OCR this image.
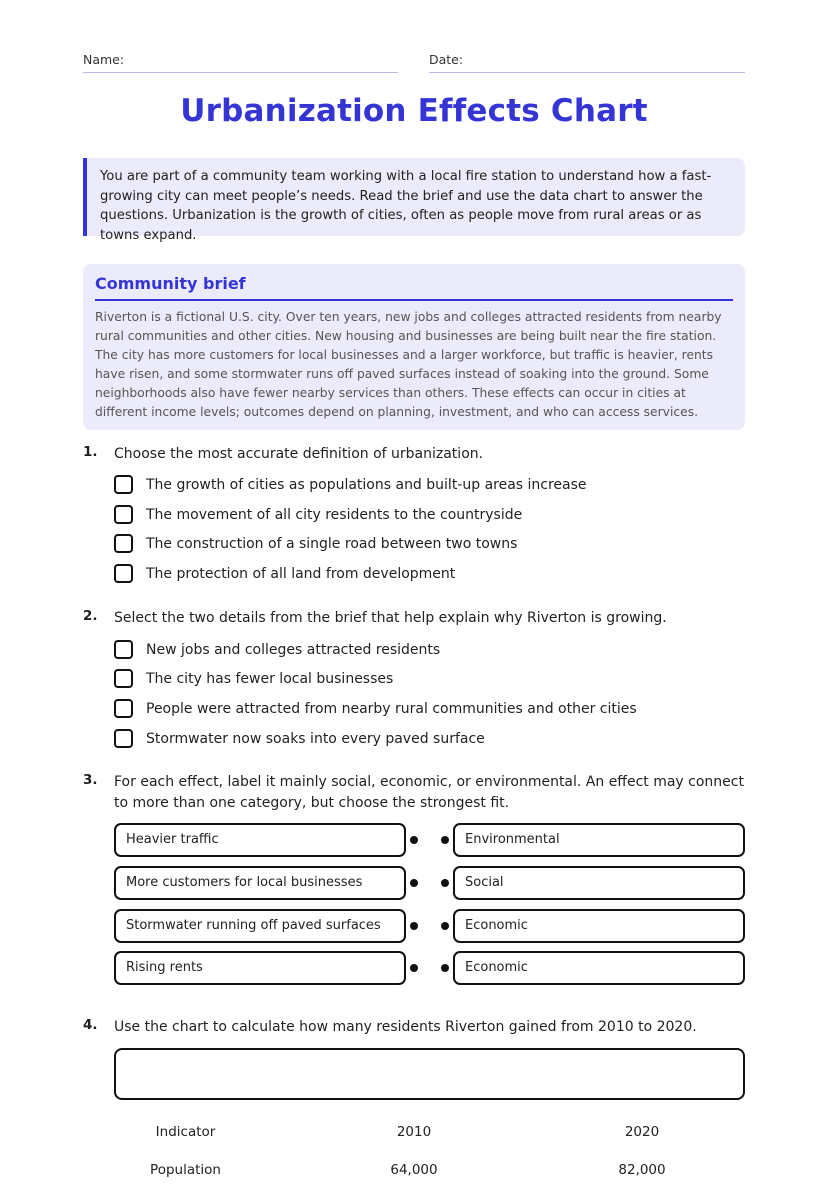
Name:	Date:
Urbanization Effects Chart
You are part of a community team working with a local fire station to understand how a fast-growing city can meet people’s needs. Read the brief and use the data chart to answer the questions. Urbanization is the growth of cities, often as people move from rural areas or as towns expand.
Community brief
Riverton is a fictional U.S. city. Over ten years, new jobs and colleges attracted residents from nearby rural communities and other cities. New housing and businesses are being built near the fire station. The city has more customers for local businesses and a larger workforce, but traffic is heavier, rents have risen, and some stormwater runs off paved surfaces instead of soaking into the ground. Some neighborhoods also have fewer nearby services than others. These effects can occur in cities at different income levels; outcomes depend on planning, investment, and who can access services.
1. Choose the most accurate definition of urbanization.
The growth of cities as populations and built-up areas increase
The movement of all city residents to the countryside
The construction of a single road between two towns
The protection of all land from development
2. Select the two details from the brief that help explain why Riverton is growing.
New jobs and colleges attracted residents
The city has fewer local businesses
People were attracted from nearby rural communities and other cities
Stormwater now soaks into every paved surface
3. For each effect, label it mainly social, economic, or environmental. An effect may connect to more than one category, but choose the strongest fit.
Heavier traffic	Environmental
More customers for local businesses	Social
Stormwater running off paved surfaces	Economic
Rising rents	Economic
4. Use the chart to calculate how many residents Riverton gained from 2010 to 2020.
Indicator	2010	2020
Population	64,000	82,000
